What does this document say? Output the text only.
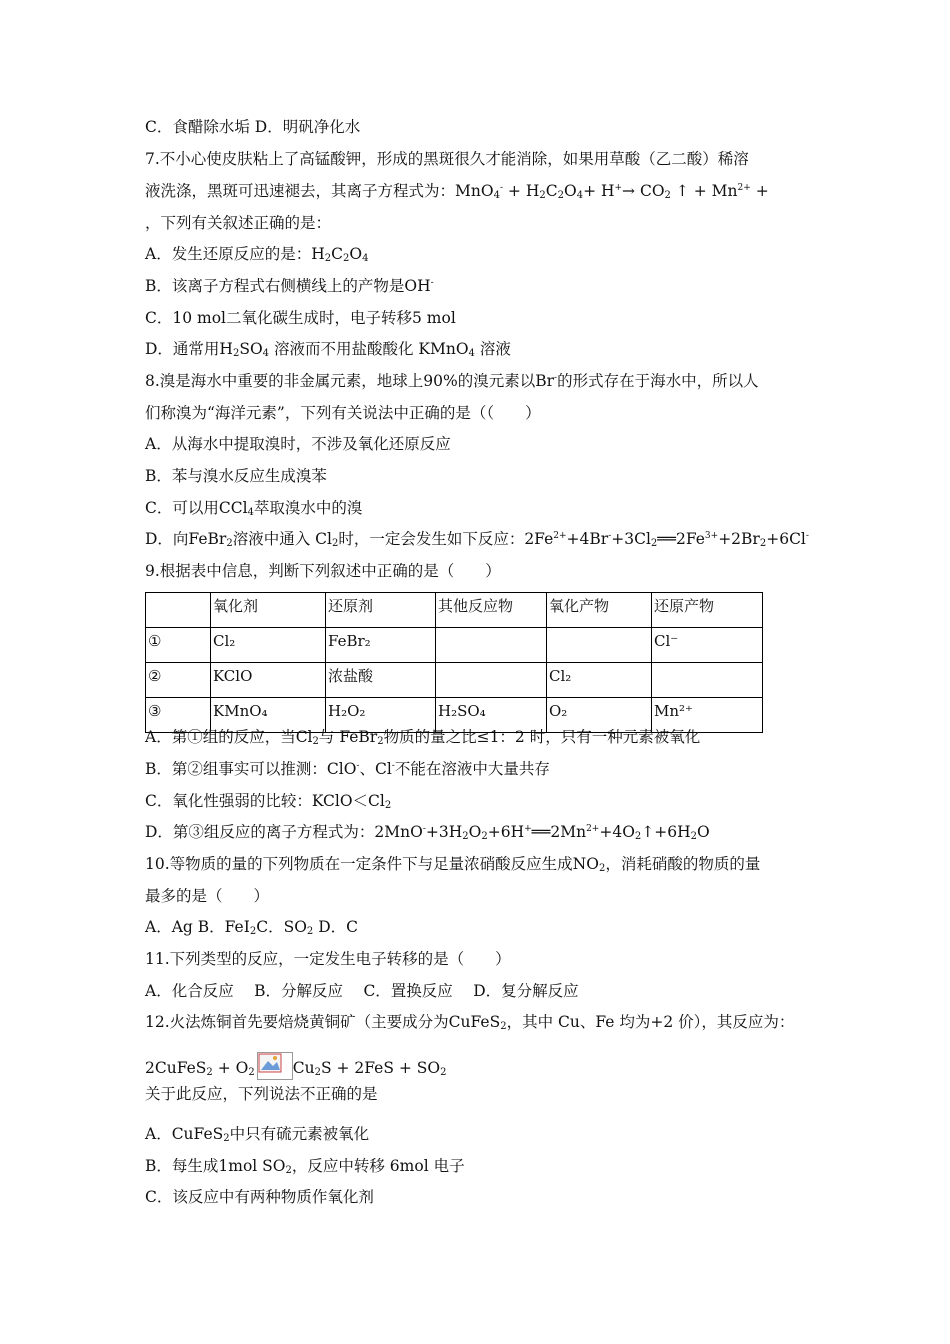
C．食醋除水垢 D．明矾净化水
7.不小心使皮肤粘上了高锰酸钾，形成的黑斑很久才能消除，如果用草酸（乙二酸）稀溶
液洗涤，黑斑可迅速褪去，其离子方程式为：$MnO_4^- + H_2C_2O_4+ H^+\to CO_2$ ↑ + $Mn^{2+}$ +
，下列有关叙述正确的是：
A．发生还原反应的是：$H_2C_2O_4$
B．该离子方程式右侧横线上的产物是OH-
C．10 mol二氧化碳生成时，电子转移5 mol
D．通常用$H_2SO_4$ 溶液而不用盐酸酸化 KMnO$_4$ 溶液
8.溴是海水中重要的非金属元素，地球上90%的溴元素以Br-的形式存在于海水中，所以人
们称溴为“海洋元素”，下列有关说法中正确的是（（　　）
A．从海水中提取溴时，不涉及氧化还原反应
B．苯与溴水反应生成溴苯
C．可以用CCl$_4$萃取溴水中的溴
D．向FeBr$_2$溶液中通入 $Cl_2$时，一定会发生如下反应：$2Fe^{2+}+4Br^-+3Cl_2══2Fe^{3+}+2Br_2+6Cl^-$
9.根据表中信息，判断下列叙述中正确的是（　　）
	氧化剂	还原剂	其他反应物	氧化产物	还原产物
①	Cl₂	FeBr₂			Cl⁻
②	KClO	浓盐酸		Cl₂	
③	KMnO₄	H₂O₂	H₂SO₄	O₂	Mn²⁺
A．第①组的反应，当$Cl_2$与 FeBr$_2$物质的量之比≤1：2 时，只有一种元素被氧化
B．第②组事实可以推测：ClO-、Cl-不能在溶液中大量共存
C．氧化性强弱的比较：$KClO<Cl_2$
D．第③组反应的离子方程式为：$2MnO^-+3H_2O_2+6H^+══2Mn^{2+}+4O_2↑+6H_2O$
10.等物质的量的下列物质在一定条件下与足量浓硝酸反应生成$NO_2$，消耗硝酸的物质的量
最多的是（　　）
A．Ag B．FeI$_2$C．$SO_2$ D．C
11.下列类型的反应，一定发生电子转移的是（　　）
A．化合反应　 B．分解反应　 C．置换反应　 D．复分解反应
12.火法炼铜首先要焙烧黄铜矿（主要成分为CuFeS$_2$，其中 Cu、Fe 均为+2 价），其反应为：
2CuFeS$_2$ + $O_2$ $Cu_2S + 2FeS + SO_2$
关于此反应，下列说法不正确的是
A．CuFeS$_2$中只有硫元素被氧化
B．每生成1mol $SO_2$，反应中转移 6mol 电子
C．该反应中有两种物质作氧化剂
